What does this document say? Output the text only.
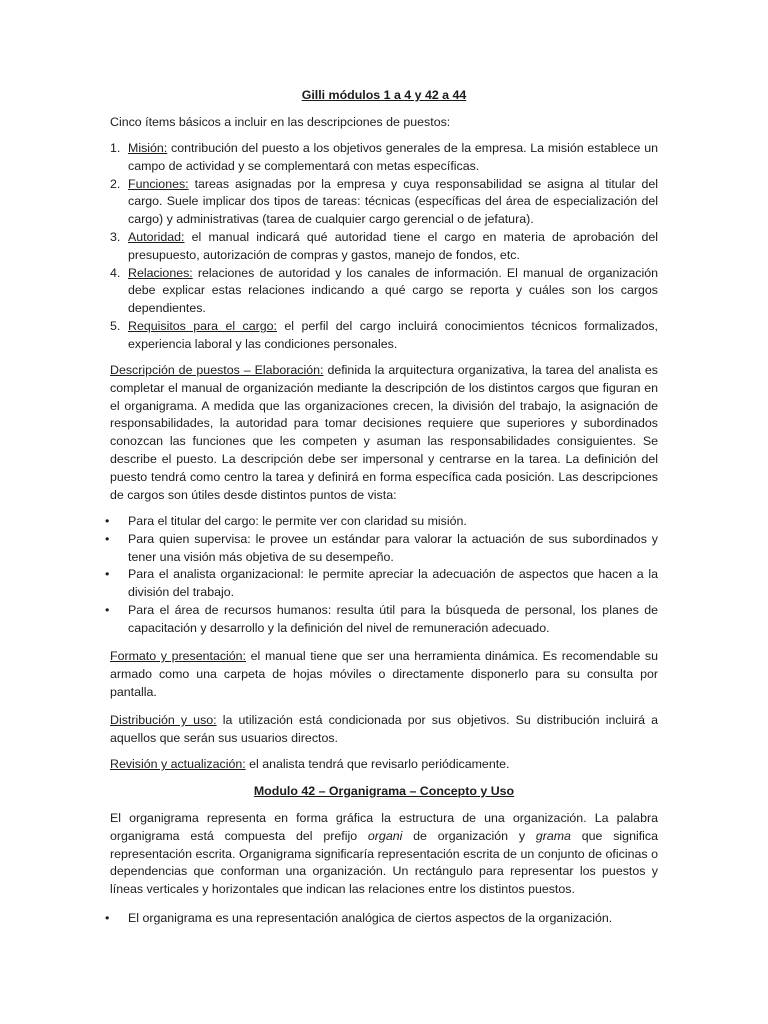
Gilli módulos 1 a 4 y 42 a 44
Cinco ítems básicos a incluir en las descripciones de puestos:
1. Misión: contribución del puesto a los objetivos generales de la empresa. La misión establece un campo de actividad y se complementará con metas específicas.
2. Funciones: tareas asignadas por la empresa y cuya responsabilidad se asigna al titular del cargo. Suele implicar dos tipos de tareas: técnicas (específicas del área de especialización del cargo) y administrativas (tarea de cualquier cargo gerencial o de jefatura).
3. Autoridad: el manual indicará qué autoridad tiene el cargo en materia de aprobación del presupuesto, autorización de compras y gastos, manejo de fondos, etc.
4. Relaciones: relaciones de autoridad y los canales de información. El manual de organización debe explicar estas relaciones indicando a qué cargo se reporta y cuáles son los cargos dependientes.
5. Requisitos para el cargo: el perfil del cargo incluirá conocimientos técnicos formalizados, experiencia laboral y las condiciones personales.

Descripción de puestos – Elaboración: definida la arquitectura organizativa, la tarea del analista es completar el manual de organización mediante la descripción de los distintos cargos que figuran en el organigrama. A medida que las organizaciones crecen, la división del trabajo, la asignación de responsabilidades, la autoridad para tomar decisiones requiere que superiores y subordinados conozcan las funciones que les competen y asuman las responsabilidades consiguientes. Se describe el puesto. La descripción debe ser impersonal y centrarse en la tarea. La definición del puesto tendrá como centro la tarea y definirá en forma específica cada posición. Las descripciones de cargos son útiles desde distintos puntos de vista:

• Para el titular del cargo: le permite ver con claridad su misión.
• Para quien supervisa: le provee un estándar para valorar la actuación de sus subordinados y tener una visión más objetiva de su desempeño.
• Para el analista organizacional: le permite apreciar la adecuación de aspectos que hacen a la división del trabajo.
• Para el área de recursos humanos: resulta útil para la búsqueda de personal, los planes de capacitación y desarrollo y la definición del nivel de remuneración adecuado.

Formato y presentación: el manual tiene que ser una herramienta dinámica. Es recomendable su armado como una carpeta de hojas móviles o directamente disponerlo para su consulta por pantalla.

Distribución y uso: la utilización está condicionada por sus objetivos. Su distribución incluirá a aquellos que serán sus usuarios directos.

Revisión y actualización: el analista tendrá que revisarlo periódicamente.

Modulo 42 – Organigrama – Concepto y Uso

El organigrama representa en forma gráfica la estructura de una organización. La palabra organigrama está compuesta del prefijo organi de organización y grama que significa representación escrita. Organigrama significaría representación escrita de un conjunto de oficinas o dependencias que conforman una organización. Un rectángulo para representar los puestos y líneas verticales y horizontales que indican las relaciones entre los distintos puestos.

• El organigrama es una representación analógica de ciertos aspectos de la organización.
